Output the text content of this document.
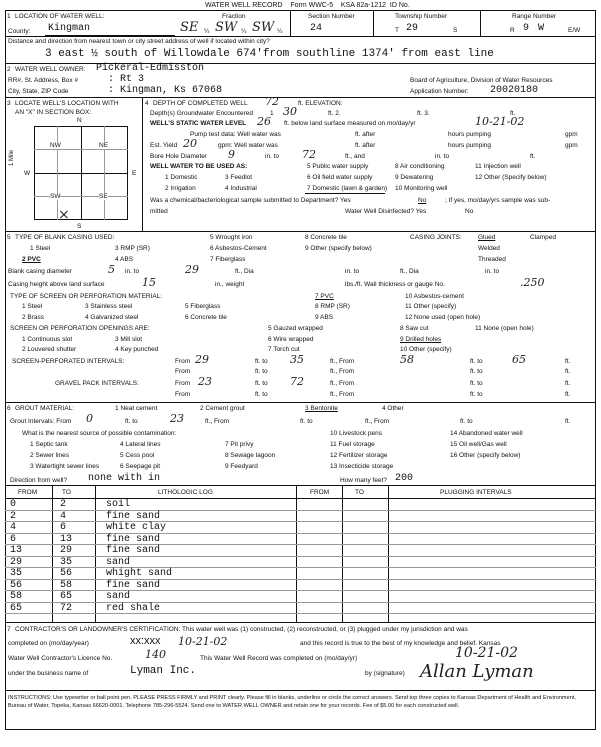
WATER WELL RECORD Form WWC-5 KSA 82a-1212 ID No.
1 LOCATION OF WATER WELL:	Fraction
County: Kingman	SE ¼ SW ¼ SW ¼
Section Number
24
Township Number
T 29	S
Range Number
R 9 W	E/W
Distance and direction from nearest town or city street address of well if located within city?
3 east ½ south of Willowdale 674'from southline 1374' from east line
2 WATER WELL OWNER: Pickeral-Edmisston
RR#, St. Address, Box #	: Rt 3	Board of Agriculture, Division of Water Resources
City, State, ZIP Code	: Kingman, Ks 67068	Application Number: 20020180
3 LOCATE WELL'S LOCATION WITH
AN "X" IN SECTION BOX:
N
S
W	E
1 Mile
NW	NE
SW	SE
×
4 DEPTH OF COMPLETED WELL 72	ft. ELEVATION:
Depth(s) Groundwater Encountered	1 30	ft. 2.	ft. 3.	ft.
WELL'S STATIC WATER LEVEL 26 ft. below land surface measured on mo/day/yr	10-21-02
Pump test data: Well water was	ft. after	hours pumping	gpm
Est. Yield 20	gpm: Well water was	ft. after	hours pumping	gpm
Bore Hole Diameter 9	in. to 72	ft., and	in. to	ft.
WELL WATER TO BE USED AS:	5 Public water supply	8 Air conditioning	11 Injection well
1 Domestic	3 Feedlot	6 Oil field water supply	9 Dewatering	12 Other (Specify below)
2 Irrigation	4 Industrial	7 Domestic (lawn & garden) 10 Monitoring well
Was a chemical/bacteriological sample submitted to Department? Yes	No	; If yes, mo/day/yrs sample was sub-
mitted	Water Well Disinfected? Yes	No
5 TYPE OF BLANK CASING USED:	5 Wrought iron	8 Concrete tile	CASING JOINTS:	Glued	Clamped
1 Steel	3 RMP (SR)	6 Asbestos-Cement	9 Other (specify below)	Welded
2 PVC	4 ABS	7 Fiberglass	Threaded
Blank casing diameter	5 in. to	29	ft., Dia	in. to	ft., Dia	in. to
Casing height above land surface	15	in., weight	lbs./ft. Wall thickness or gauge No.	.250
TYPE OF SCREEN OR PERFORATION MATERIAL:	7 PVC	10 Asbestos-cement
1 Steel	3 Stainless steel	5 Fiberglass	8 RMP (SR)	11 Other (specify)
2 Brass	4 Galvanized steel	6 Concrete tile	9 ABS	12 None used (open hole)
SCREEN OR PERFORATION OPENINGS ARE:	5 Gauzed wrapped	8 Saw cut	11 None (open hole)
1 Continuous slot	3 Mill slot	6 Wire wrapped	9 Drilled holes
2 Louvered shutter	4 Key punched	7 Torch cut	10 Other (specify)
SCREEN-PERFORATED INTERVALS:	From 29	ft. to 35	ft., From	58	ft. to	65	ft.
From	ft. to	ft., From	ft. to	ft.
GRAVEL PACK INTERVALS:	From 23	ft. to 72	ft., From	ft. to	ft.
From	ft. to	ft., From	ft. to	ft.
6 GROUT MATERIAL:	1 Neat cement	2 Cement grout	3 Bentonite	4 Other
Grout Intervals: From 0	ft. to	23	ft., From	ft. to	ft., From	ft. to	ft.
What is the nearest source of possible contamination:	10 Livestock pens	14 Abandoned water well
1 Septic tank	4 Lateral lines	7 Pit privy	11 Fuel storage	15 Oil well/Gas well
2 Sewer lines	5 Cess pool	8 Sewage lagoon	12 Fertilizer storage	16 Other (specify below)
3 Watertight sewer lines	6 Seepage pit	9 Feedyard	13 Insecticide storage
Direction from well? none with in	How many feet? 200
FROM	TO	LITHOLOGIC LOG	FROM	TO	PLUGGING INTERVALS
0	2	soil
2	4	fine sand
4	6	white clay
6	13	fine sand
13	29	fine sand
29	35	sand
35	56	whight sand
56	58	fine sand
58	65	sand
65	72	red shale
7 CONTRACTOR'S OR LANDOWNER'S CERTIFICATION: This water well was (1) constructed, (2) reconstructed, or (3) plugged under my jurisdiction and was
completed on (mo/day/year)	xx:xxx 10-21-02	and this record is true to the best of my knowledge and belief. Kansas
Water Well Contractor's Licence No.	140	This Water Well Record was completed on (mo/day/yr)	10-21-02
under the business name of	Lyman Inc.	by (signature) Allan Lyman
INSTRUCTIONS: Use typewriter or ball point pen. PLEASE PRESS FIRMLY and PRINT clearly. Please fill in blanks, underline or circle the correct answers. Send top three copies to Kansas Department of Health and Environment, Bureau of Water, Topeka, Kansas 66620-0001. Telephone 785-296-5524. Send one to WATER WELL OWNER and retain one for your records. Fee of $5.00 for each constructed well.
